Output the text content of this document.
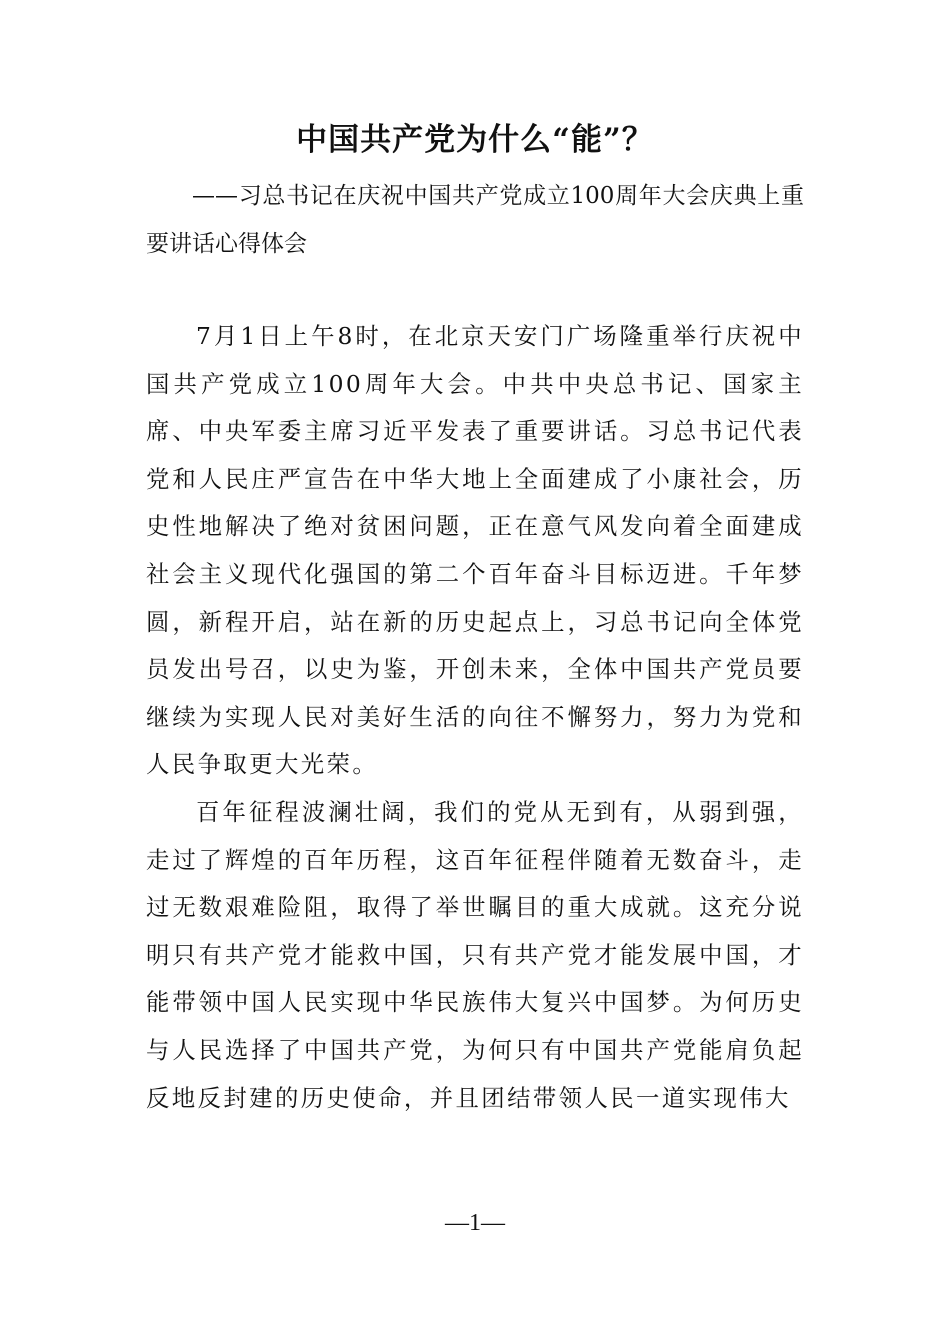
中国共产党为什么“能”？
——习总书记在庆祝中国共产党成立100周年大会庆典上重要讲话心得体会

7月1日上午8时，在北京天安门广场隆重举行庆祝中国共产党成立100周年大会。中共中央总书记、国家主席、中央军委主席习近平发表了重要讲话。习总书记代表党和人民庄严宣告在中华大地上全面建成了小康社会，历史性地解决了绝对贫困问题，正在意气风发向着全面建成社会主义现代化强国的第二个百年奋斗目标迈进。千年梦圆，新程开启，站在新的历史起点上，习总书记向全体党员发出号召，以史为鉴，开创未来，全体中国共产党员要继续为实现人民对美好生活的向往不懈努力，努力为党和人民争取更大光荣。

百年征程波澜壮阔，我们的党从无到有，从弱到强，走过了辉煌的百年历程，这百年征程伴随着无数奋斗，走过无数艰难险阻，取得了举世瞩目的重大成就。这充分说明只有共产党才能救中国，只有共产党才能发展中国，才能带领中国人民实现中华民族伟大复兴中国梦。为何历史与人民选择了中国共产党，为何只有中国共产党能肩负起反地反封建的历史使命，并且团结带领人民一道实现伟大

—1—
